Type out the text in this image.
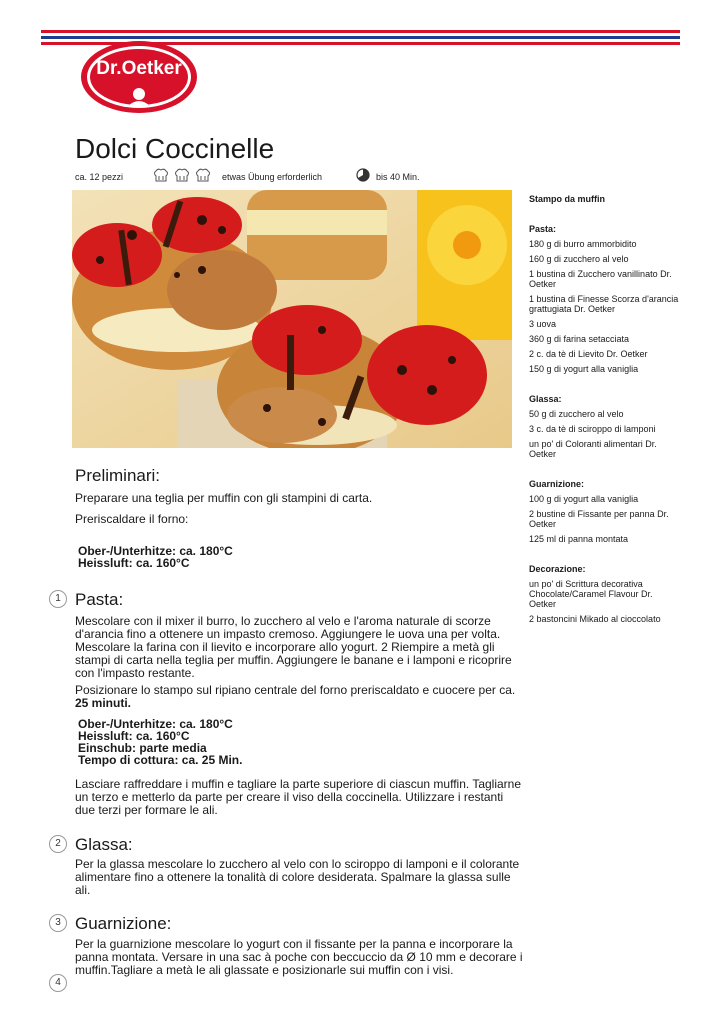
Dr.Oetker
Dolci Coccinelle
ca. 12 pezzi	etwas Übung erforderlich	bis 40 Min.
Stampo da muffin
Pasta:
180 g di burro ammorbidito
160 g di zucchero al velo
1 bustina di Zucchero vanillinato Dr. Oetker
1 bustina di Finesse Scorza d'arancia grattugiata Dr. Oetker
3 uova
360 g di farina setacciata
2 c. da tè di Lievito Dr. Oetker
150 g di yogurt alla vaniglia
Glassa:
50 g di zucchero al velo
3 c. da tè di sciroppo di lamponi
un po' di Coloranti alimentari Dr. Oetker
Guarnizione:
100 g di yogurt alla vaniglia
2 bustine di Fissante per panna Dr. Oetker
125 ml di panna montata
Decorazione:
un po' di Scrittura decorativa Chocolate/Caramel Flavour Dr. Oetker
2 bastoncini Mikado al cioccolato
Preliminari:
Preparare una teglia per muffin con gli stampini di carta.
Preriscaldare il forno:
Ober-/Unterhitze: ca. 180°C
Heissluft: ca. 160°C
1 Pasta:
Mescolare con il mixer il burro, lo zucchero al velo e l'aroma naturale di scorze d'arancia fino a ottenere un impasto cremoso. Aggiungere le uova una per volta. Mescolare la farina con il lievito e incorporare allo yogurt. 2 Riempire a metà gli stampi di carta nella teglia per muffin. Aggiungere le banane e i lamponi e ricoprire con l'impasto restante.
Posizionare lo stampo sul ripiano centrale del forno preriscaldato e cuocere per ca. 25 minuti.
Ober-/Unterhitze: ca. 180°C
Heissluft: ca. 160°C
Einschub: parte media
Tempo di cottura: ca. 25 Min.
Lasciare raffreddare i muffin e tagliare la parte superiore di ciascun muffin. Tagliarne un terzo e metterlo da parte per creare il viso della coccinella. Utilizzare i restanti due terzi per formare le ali.
2 Glassa:
Per la glassa mescolare lo zucchero al velo con lo sciroppo di lamponi e il colorante alimentare fino a ottenere la tonalità di colore desiderata. Spalmare la glassa sulle ali.
3 Guarnizione:
Per la guarnizione mescolare lo yogurt con il fissante per la panna e incorporare la panna montata. Versare in una sac à poche con beccuccio da Ø 10 mm e decorare i muffin.Tagliare a metà le ali glassate e posizionarle sui muffin con i visi.
4
